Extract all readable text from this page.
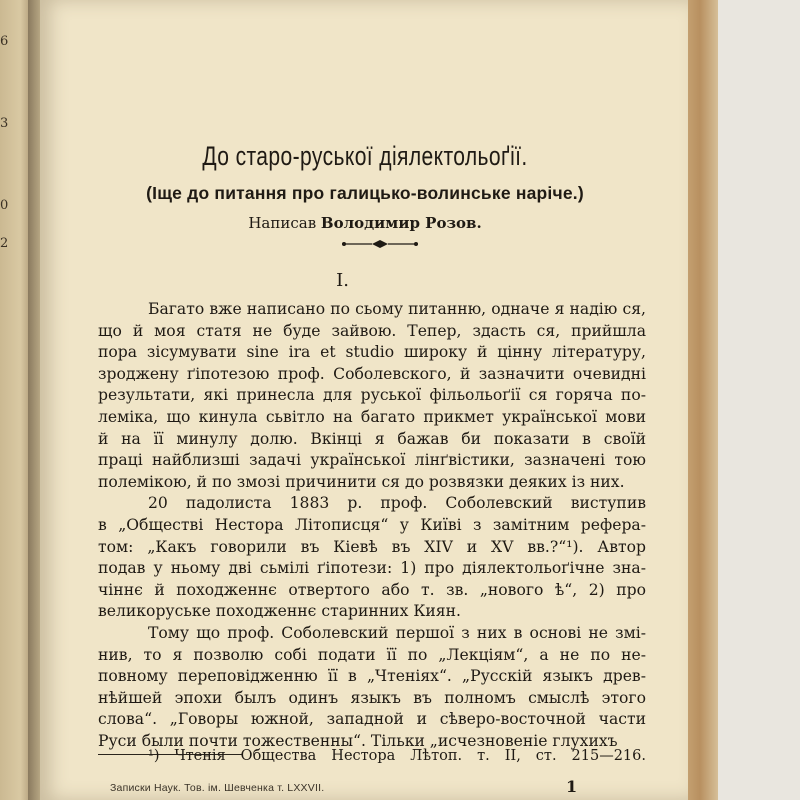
6
3
0
2
До старо-руської діялектольоґії.
(Іще до питання про галицько-волинське наріче.)
Написав Володимир Розов.
I.
Багато вже написано по сьому питанню, одначе я надію ся,
що й моя статя не буде зайвою. Тепер, здасть ся, прийшла
пора зісумувати sine ira et studio широку й цінну літературу,
зроджену ґіпотезою проф. Соболевского, й зазначити очевидні
результати, які принесла для руської фільольоґії ся горяча по-
леміка, що кинула сьвітло на багато прикмет української мови
й на її минулу долю. Вкінці я бажав би показати в своїй
праці найблизші задачі української лінґвістики, зазначені тою
полемікою, й по змозі причинити ся до розвязки деяких із них.
20 падолиста 1883 р. проф. Соболевский виступив
в „Обществі Нестора Літописця“ у Київі з замітним рефера-
том: „Какъ говорили въ Кіевѣ въ XIV и XV вв.?“¹). Автор
подав у ньому дві сьмілі ґіпотези: 1) про діялектольоґічне зна-
чіннє й походженнє отвертого або т. зв. „нового ѣ“, 2) про
великоруське походженнє старинних Киян.
Тому що проф. Соболевский першої з них в основі не змі-
нив, то я позволю собі подати її по „Лекціям“, а не по не-
повному переповідженню її в „Чтеніях“. „Русскій языкъ древ-
¹) Чтенія Общества Нестора Лѣтоп. т. II, ст. 215—216.
Записки Наук. Тов. ім. Шевченка т. LXXVII.	1
нѣйшей эпохи былъ одинъ языкъ въ полномъ смыслѣ этого
слова“. „Говоры южной, западной и сѣверо-восточной части
Руси были почти тожественны“. Тільки „исчезновеніе глухихъ
